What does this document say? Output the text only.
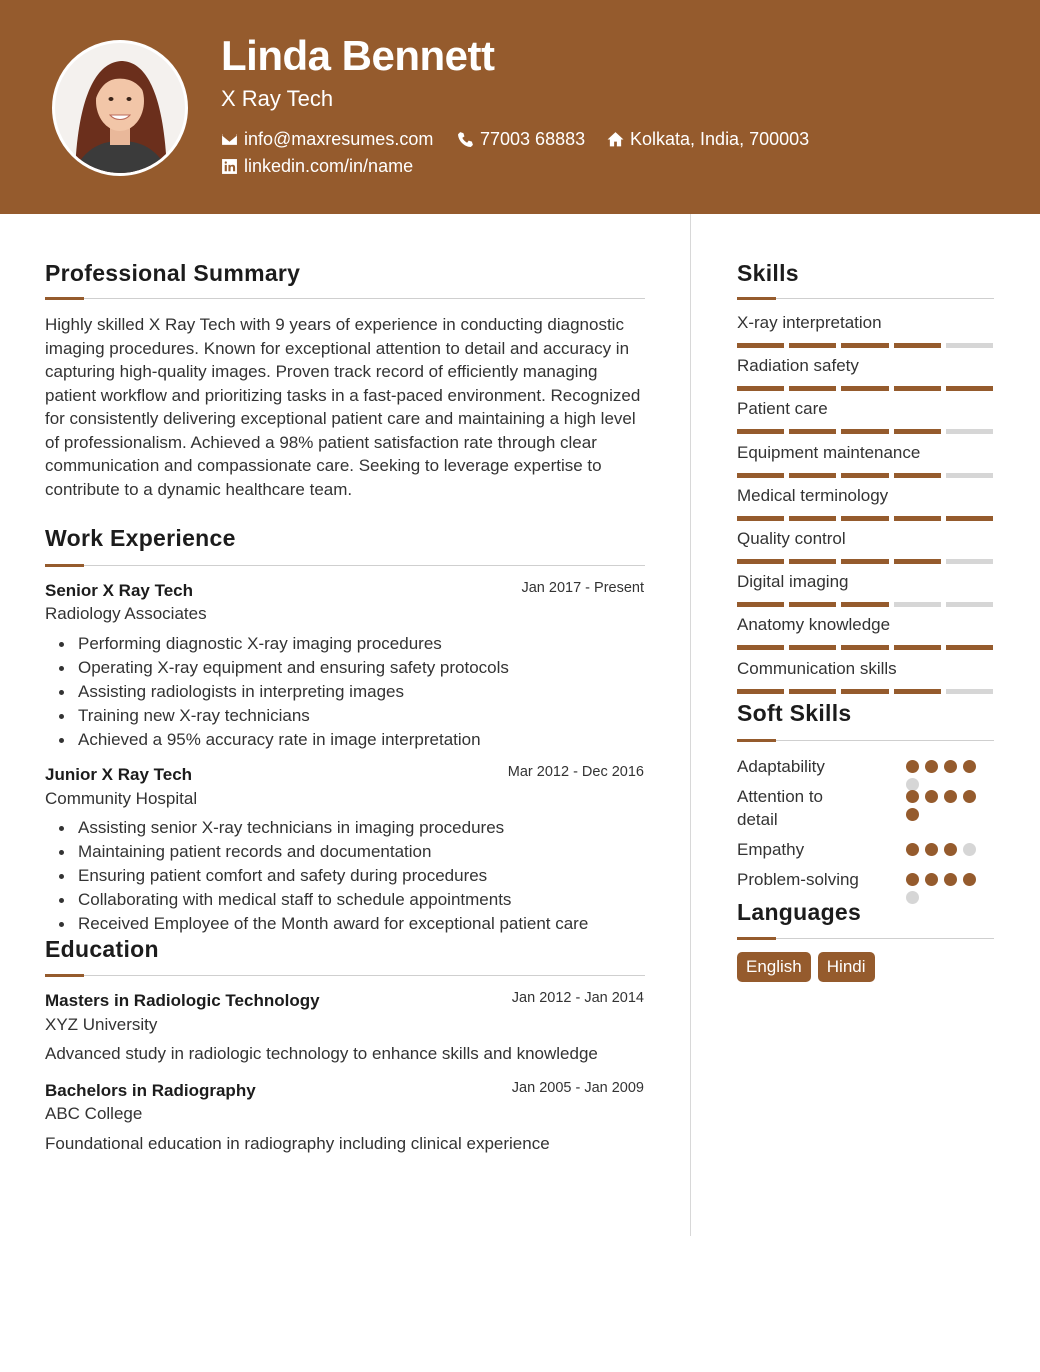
Linda Bennett
X Ray Tech
info@maxresumes.com	77003 68883 Kolkata, India, 700003
linkedin.com/in/name
Professional Summary
Highly skilled X Ray Tech with 9 years of experience in conducting diagnostic imaging procedures. Known for exceptional attention to detail and accuracy in capturing high-quality images. Proven track record of efficiently managing patient workflow and prioritizing tasks in a fast-paced environment. Recognized for consistently delivering exceptional patient care and maintaining a high level of professionalism. Achieved a 98% patient satisfaction rate through clear communication and compassionate care. Seeking to leverage expertise to contribute to a dynamic healthcare team.
Work Experience
Senior X Ray Tech	Jan 2017 - Present
Radiology Associates
Performing diagnostic X-ray imaging procedures
Operating X-ray equipment and ensuring safety protocols
Assisting radiologists in interpreting images
Training new X-ray technicians
Achieved a 95% accuracy rate in image interpretation
Junior X Ray Tech	Mar 2012 - Dec 2016
Community Hospital
Assisting senior X-ray technicians in imaging procedures
Maintaining patient records and documentation
Ensuring patient comfort and safety during procedures
Collaborating with medical staff to schedule appointments
Received Employee of the Month award for exceptional patient care
Education
Masters in Radiologic Technology	Jan 2012 - Jan 2014
XYZ University
Advanced study in radiologic technology to enhance skills and knowledge
Bachelors in Radiography	Jan 2005 - Jan 2009
ABC College
Foundational education in radiography including clinical experience
Skills
X-ray interpretation
Radiation safety
Patient care
Equipment maintenance
Medical terminology
Quality control
Digital imaging
Anatomy knowledge
Communication skills
Soft Skills
Adaptability
Attention to detail
Empathy
Problem-solving
Languages
English	Hindi
